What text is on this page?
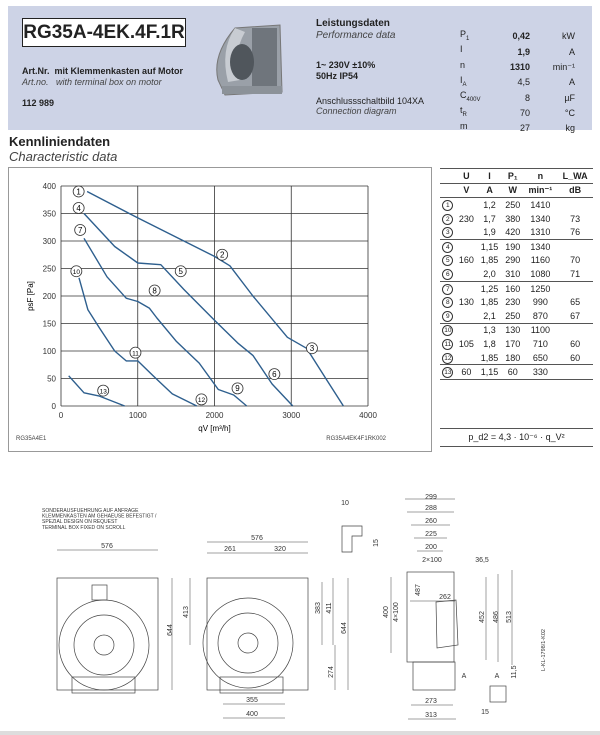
RG35A-4EK.4F.1R
Art.Nr. mit Klemmenkasten auf Motor
Art.no. with terminal box on motor
112 989
Leistungsdaten
Performance data
1~ 230V ±10%
50Hz IP54
Anschlussschaltbild 104XA
Connection diagram
$P_1$	0,42	kW
I	1,9	A
n	1310	min⁻¹
$I_A$	4,5	A
$C_{400V}$	8	µF
$t_R$	70	°C
m	27	kg
Kennliniendaten
Characteristic data
0
50
100
150
200
250
300
350
400
0	1000	2000	3000	4000
qV [m³/h]
psF [Pa]
RG35A4E1	RG35A4EK4F1RK002
1
2
3
4
5
6
7
8
9
10
11
12
13
	U	I	P₁	n	L_WA
	V	A	W	min⁻¹	dB
1		1,2	250	1410	
2	230	1,7	380	1340	73
3		1,9	420	1310	76
4		1,15	190	1340	
5	160	1,85	290	1160	70
6		2,0	310	1080	71
7		1,25	160	1250	
8	130	1,85	230	990	65
9		2,1	250	870	67
10		1,3	130	1100	
11	105	1,8	170	710	60
12		1,85	180	650	60
13	60	1,15	60	330	
p_d2 = 4,3 · 10⁻⁶ · q_V²
SONDERAUSFUEHRUNG AUF ANFRAGE
KLEMMENKASTEN AM GEHAEUSE BEFESTIGT /
SPEZIAL DESIGN ON REQUEST
TERMINAL BOX FIXED ON SCROLL
576
644
576
261	320
413	383 411
644
274
355
400
10
15
299
288
260
225
200
2×100	36,5
487
400 4×100
262
452 486 513
273
313
A	A 11,5
15
L-KL-1798/1-K02
